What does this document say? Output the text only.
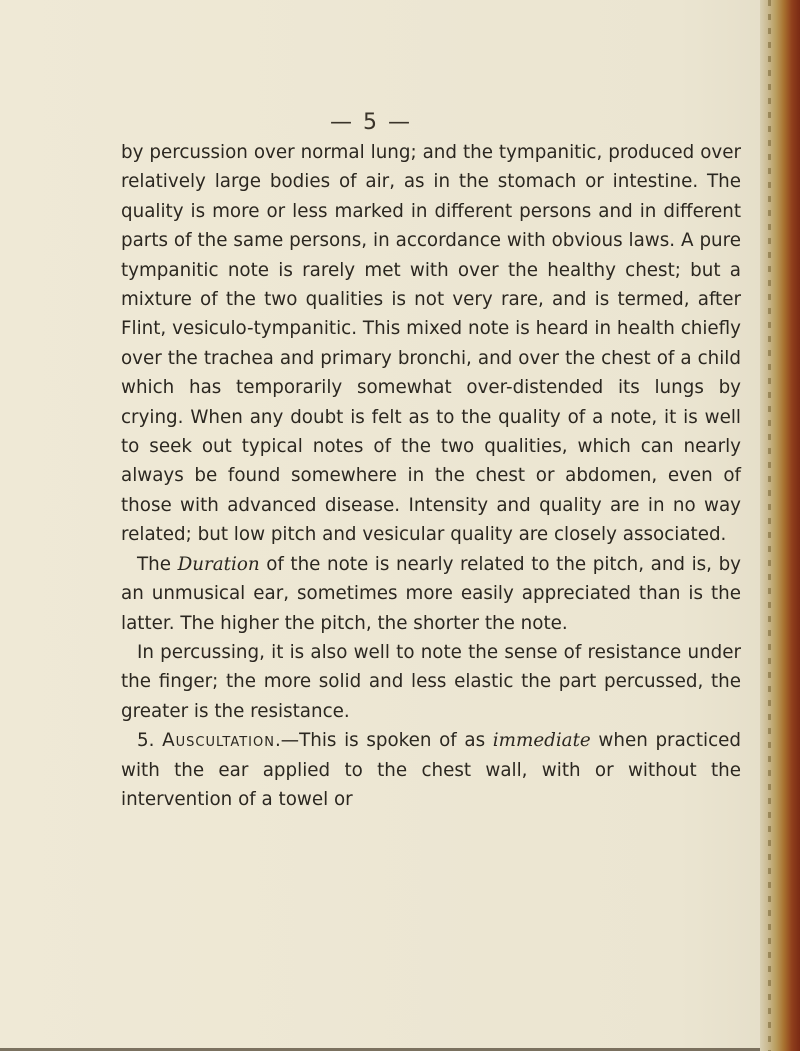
— 5 —

by percussion over normal lung; and the tympanitic, produced over relatively large bodies of air, as in the stomach or intestine. The quality is more or less marked in different persons and in different parts of the same persons, in accordance with obvious laws. A pure tympanitic note is rarely met with over the healthy chest; but a mixture of the two qualities is not very rare, and is termed, after Flint, vesiculo-tympanitic. This mixed note is heard in health chiefly over the trachea and primary bronchi, and over the chest of a child which has temporarily somewhat over-distended its lungs by crying. When any doubt is felt as to the quality of a note, it is well to seek out typical notes of the two qualities, which can nearly always be found somewhere in the chest or abdomen, even of those with advanced disease. Intensity and quality are in no way related; but low pitch and vesicular quality are closely associated.

The Duration of the note is nearly related to the pitch, and is, by an unmusical ear, sometimes more easily appreciated than is the latter. The higher the pitch, the shorter the note.

In percussing, it is also well to note the sense of resistance under the finger; the more solid and less elastic the part percussed, the greater is the resistance.

5. Auscultation.—This is spoken of as immediate when practiced with the ear applied to the chest wall, with or without the intervention of a towel or
